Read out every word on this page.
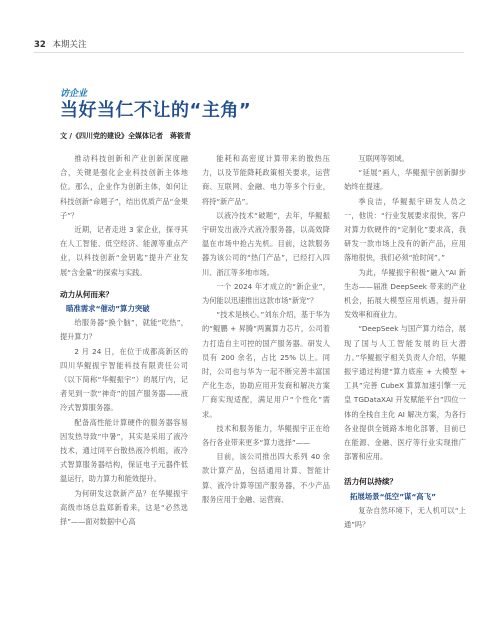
32 本期关注
访企业
当好当仁不让的“主角”
文 /《四川党的建设》全媒体记者　蒋筱青

推动科技创新和产业创新深度融合，关键是强化企业科技创新主体地位。那么，企业作为创新主体，如何让科技创新“命题子”，结出优质产品“金果子”？

近期，记者走进 3 家企业，探寻其在人工智能、低空经济、能源等重点产业，以科技创新“金钥匙”提升产业发展“含金量”的探索与实践。

动力从何而来？

瞄准需求“催动”算力突破

给服务器“换个脑”，就能“吃热”，提升算力？

2 月 24 日，在位于成都高新区的四川华鲲振宇智能科技有限责任公司（以下简称“华鲲振宇”）的展厅内，记者见到一款“神奇”的国产服务器——液冷式智算服务器。

配备高性能计算硬件的服务器容易因发热导致“中暑”，其实是采用了液冷技术，通过同平台散热液冷机组，液冷式智算服务器结构，保证电子元器件低温运行，助力算力和能效提升。

为何研发这款新产品？在华鲲振宇高级市场总监郑新看来，这是“必然选择”——面对数据中心高

能耗和高密度计算带来的散热压力，以及节能降耗政策相关要求，运营商、互联网、金融、电力等多个行业，将持“新产品”。

以液冷技术“破题”，去年，华鲲振宇研发出液冷式液冷服务器，以高效降温在市场中抢占先机。目前，这款服务器为该公司的“热门产品”，已经打入四川、浙江等多地市场。

一个 2024 年才成立的“新企业”，为何能以迅速推出这款市场“新宠”？

“技术是核心。”刘东介绍，基于华为的“鲲鹏 + 昇腾”两翼算力芯片，公司着力打造自主可控的国产服务器。研发人员有 200 余名，占比 25% 以上。同时，公司也与华为一起不断完善丰富国产化生态，协助应用开发商和解决方案厂商实现适配，满足用户“个性化”需求。

技术和服务能力，华鲲振宇正在给各行各业带来更多“算力选择”——

目前，该公司推出四大系列 40 余款计算产品，包括通用计算、智能计算、液冷计算等国产服务器，不少产品服务应用于金融、运营商、

互联网等领域。

“延展”画人，华鲲振宇创新脚步始终在提速。

季良洁，华鲲振宇研发人员之一，他说：“行业发展要求很快，客户对算力软硬件的“定制化”要求高，我研发一款市场上没有的新产品，应用落地很快，我们必须“抢时间”。”

为此，华鲲振宇积极“融入”AI 新生态——届准 DeepSeek 带来的产业机会，拓展大模型应用机遇，提升研发效率和商业力。

“DeepSeek 与国产算力结合，展现了国与人工智能发展的巨大潜力。”华鲲振宇相关负责人介绍，华鲲振宇通过构建“算力底座 + 大模型 + 工具”完善 CubeX 算算加速引擎一元皇 TGDataXAI 开发赋能平台”四位一体的全栈自主化 AI 解决方案，为各行各业提供全链路本地化部署，目前已在能源、金融、医疗等行业实现推广部署和应用。

活力何以持续？

拓展场景“低空”谋“高飞”

复杂自然环境下，无人机可以“上通”吗？
